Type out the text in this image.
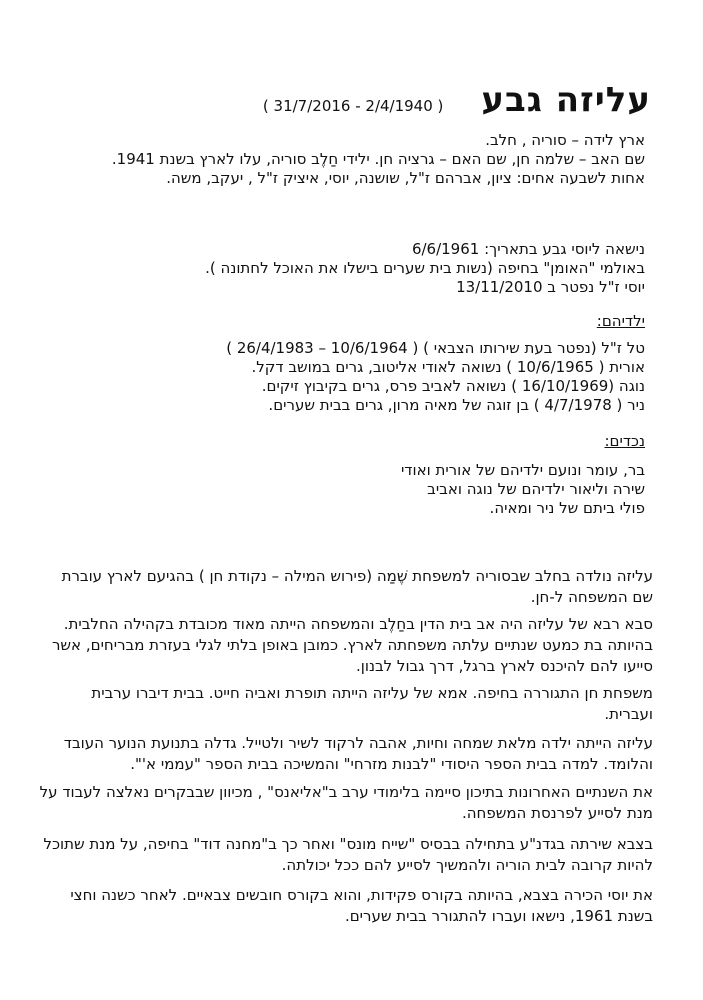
עליזה גבע
( 31/7/2016 - 2/4/1940 )
ארץ לידה – סוריה , חלב.
שם האב – שלמה חן, שם האם – גרציה חן. ילידי חַלֶב סוריה, עלו לארץ בשנת 1941.
אחות לשבעה אחים: ציון, אברהם ז"ל, שושנה, יוסי, איציק ז"ל , יעקב, משה.
נישאה ליוסי גבע בתאריך: 6/6/1961
באולמי "האומן" בחיפה (נשות בית שערים בישלו את האוכל לחתונה ).
יוסי ז"ל נפטר ב 13/11/2010
ילדיהם:
טל ז"ל (נפטר בעת שירותו הצבאי ) ( 10/6/1964 – 26/4/1983 )
אורית ( 10/6/1965 ) נשואה לאודי אליטוב, גרים במושב דקל.
נוגה (16/10/1969 ) נשואה לאביב פרס, גרים בקיבוץ זיקים.
ניר ( 4/7/1978 ) בן זוגה של מאיה מרון, גרים בבית שערים.
נכדים:
בר, עומר ונועם ילדיהם של אורית ואודי
שירה וליאור ילדיהם של נוגה ואביב
פולי ביתם של ניר ומאיה.
עליזה נולדה בחלב שבסוריה למשפחת שֶׁמַה (פירוש המילה – נקודת חן ) בהגיעם לארץ עוברת
שם המשפחה ל-חן.
סבא רבא של עליזה היה אב בית הדין בחַלֶב והמשפחה הייתה מאוד מכובדת בקהילה החלבית.
בהיותה בת כמעט שנתיים עלתה משפחתה לארץ. כמובן באופן בלתי לגלי בעזרת מבריחים, אשר
סייעו להם להיכנס לארץ ברגל, דרך גבול לבנון.
משפחת חן התגוררה בחיפה. אמא של עליזה הייתה תופרת ואביה חייט. בבית דיברו ערבית
ועברית.
עליזה הייתה ילדה מלאת שמחה וחיות, אהבה לרקוד לשיר ולטייל. גדלה בתנועת הנוער העובד
והלומד. למדה בבית הספר היסודי "לבנות מזרחי" והמשיכה בבית הספר "עממי א'".
את השנתיים האחרונות בתיכון סיימה בלימודי ערב ב"אליאנס" , מכיוון שבבקרים נאלצה לעבוד על
מנת לסייע לפרנסת המשפחה.
בצבא שירתה בגדנ"ע בתחילה בבסיס "שייח מונס" ואחר כך ב"מחנה דוד" בחיפה, על מנת שתוכל
להיות קרובה לבית הוריה ולהמשיך לסייע להם ככל יכולתה.
את יוסי הכירה בצבא, בהיותה בקורס פקידות, והוא בקורס חובשים צבאיים. לאחר כשנה וחצי
בשנת 1961, נישאו ועברו להתגורר בבית שערים.
